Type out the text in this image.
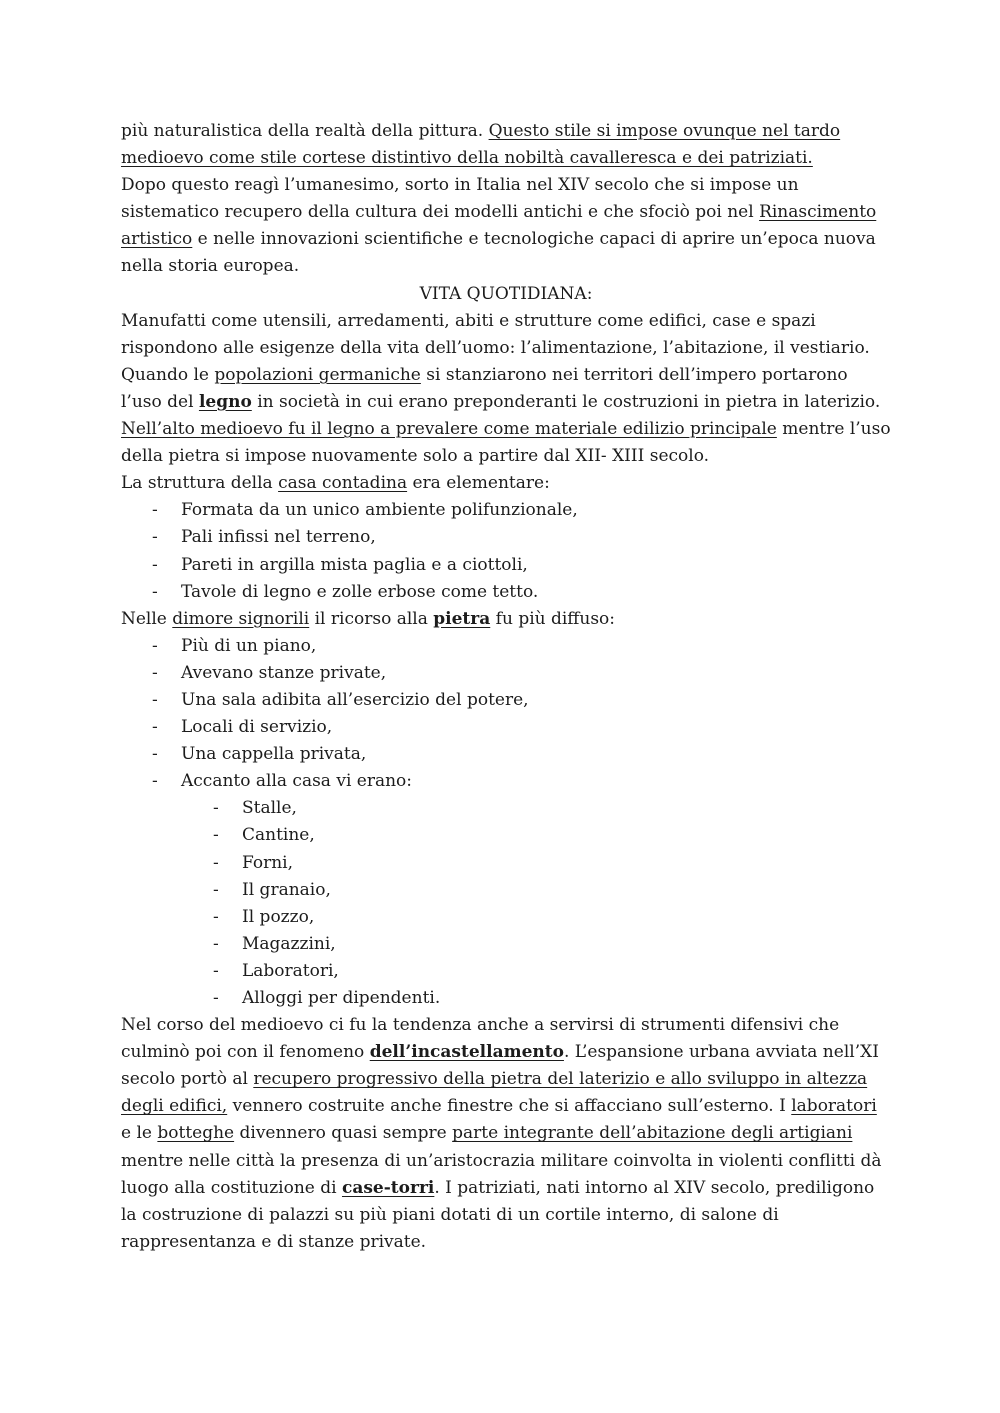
più naturalistica della realtà della pittura. Questo stile si impose ovunque nel tardo medioevo come stile cortese distintivo della nobiltà cavalleresca e dei patriziati.
Dopo questo reagì l’umanesimo, sorto in Italia nel XIV secolo che si impose un sistematico recupero della cultura dei modelli antichi e che sfociò poi nel Rinascimento artistico e nelle innovazioni scientifiche e tecnologiche capaci di aprire un’epoca nuova nella storia europea.

VITA QUOTIDIANA:

Manufatti come utensili, arredamenti, abiti e strutture come edifici, case e spazi rispondono alle esigenze della vita dell’uomo: l’alimentazione, l’abitazione, il vestiario. Quando le popolazioni germaniche si stanziarono nei territori dell’impero portarono l’uso del legno in società in cui erano preponderanti le costruzioni in pietra in laterizio. Nell’alto medioevo fu il legno a prevalere come materiale edilizio principale mentre l’uso della pietra si impose nuovamente solo a partire dal XII- XIII secolo.

La struttura della casa contadina era elementare:

- Formata da un unico ambiente polifunzionale,
- Pali infissi nel terreno,
- Pareti in argilla mista paglia e a ciottoli,
- Tavole di legno e zolle erbose come tetto.

Nelle dimore signorili il ricorso alla pietra fu più diffuso:

- Più di un piano,
- Avevano stanze private,
- Una sala adibita all’esercizio del potere,
- Locali di servizio,
- Una cappella privata,
- Accanto alla casa vi erano:
- Stalle,
- Cantine,
- Forni,
- Il granaio,
- Il pozzo,
- Magazzini,
- Laboratori,
- Alloggi per dipendenti.

Nel corso del medioevo ci fu la tendenza anche a servirsi di strumenti difensivi che culminò poi con il fenomeno dell’incastellamento. L’espansione urbana avviata nell’XI secolo portò al recupero progressivo della pietra del laterizio e allo sviluppo in altezza degli edifici, vennero costruite anche finestre che si affacciano sull’esterno. I laboratori e le botteghe divennero quasi sempre parte integrante dell’abitazione degli artigiani mentre nelle città la presenza di un’aristocrazia militare coinvolta in violenti conflitti dà luogo alla costituzione di case-torri. I patriziati, nati intorno al XIV secolo, prediligono la costruzione di palazzi su più piani dotati di un cortile interno, di salone di rappresentanza e di stanze private.
